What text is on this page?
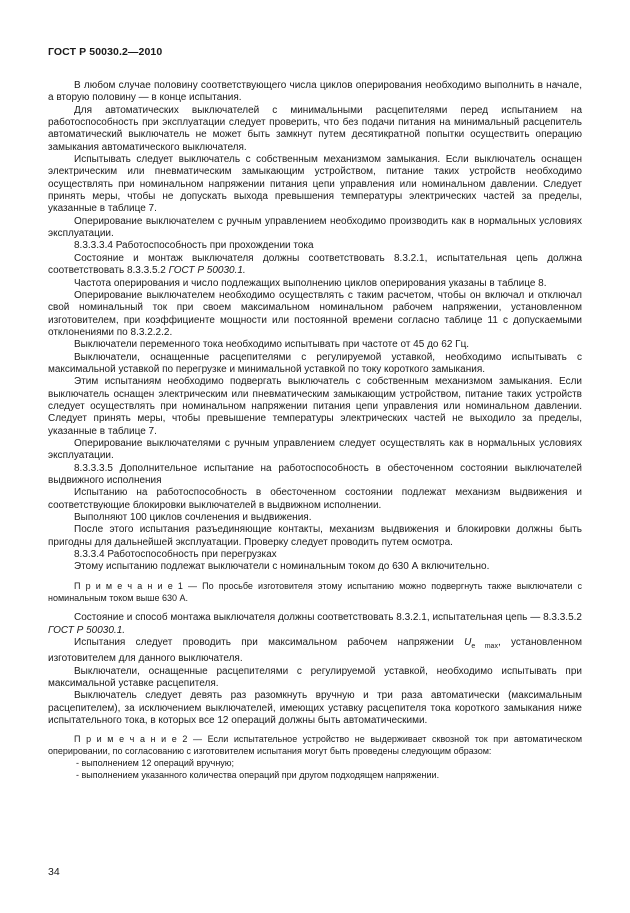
ГОСТ Р 50030.2—2010

В любом случае половину соответствующего числа циклов оперирования необходимо выполнить в начале, а вторую половину — в конце испытания.

Для автоматических выключателей с минимальными расцепителями перед испытанием на работоспособность при эксплуатации следует проверить, что без подачи питания на минимальный расцепитель автоматический выключатель не может быть замкнут путем десятикратной попытки осуществить операцию замыкания автоматического выключателя.

Испытывать следует выключатель с собственным механизмом замыкания. Если выключатель оснащен электрическим или пневматическим замыкающим устройством, питание таких устройств необходимо осуществлять при номинальном напряжении питания цепи управления или номинальном давлении. Следует принять меры, чтобы не допускать выхода превышения температуры электрических частей за пределы, указанные в таблице 7.

Оперирование выключателем с ручным управлением необходимо производить как в нормальных условиях эксплуатации.

8.3.3.3.4 Работоспособность при прохождении тока

Состояние и монтаж выключателя должны соответствовать 8.3.2.1, испытательная цепь должна соответствовать 8.3.3.5.2 ГОСТ Р 50030.1.

Частота оперирования и число подлежащих выполнению циклов оперирования указаны в таблице 8.

Оперирование выключателем необходимо осуществлять с таким расчетом, чтобы он включал и отключал свой номинальный ток при своем максимальном номинальном рабочем напряжении, установленном изготовителем, при коэффициенте мощности или постоянной времени согласно таблице 11 с допускаемыми отклонениями по 8.3.2.2.2.

Выключатели переменного тока необходимо испытывать при частоте от 45 до 62 Гц.

Выключатели, оснащенные расцепителями с регулируемой уставкой, необходимо испытывать с максимальной уставкой по перегрузке и минимальной уставкой по току короткого замыкания.

Этим испытаниям необходимо подвергать выключатель с собственным механизмом замыкания. Если выключатель оснащен электрическим или пневматическим замыкающим устройством, питание таких устройств следует осуществлять при номинальном напряжении питания цепи управления или номинальном давлении. Следует принять меры, чтобы превышение температуры электрических частей не выходило за пределы, указанные в таблице 7.

Оперирование выключателями с ручным управлением следует осуществлять как в нормальных условиях эксплуатации.

8.3.3.3.5 Дополнительное испытание на работоспособность в обесточенном состоянии выключателей выдвижного исполнения

Испытанию на работоспособность в обесточенном состоянии подлежат механизм выдвижения и соответствующие блокировки выключателей в выдвижном исполнении.

Выполняют 100 циклов сочленения и выдвижения.

После этого испытания разъединяющие контакты, механизм выдвижения и блокировки должны быть пригодны для дальнейшей эксплуатации. Проверку следует проводить путем осмотра.

8.3.3.4 Работоспособность при перегрузках

Этому испытанию подлежат выключатели с номинальным током до 630 А включительно.

П р и м е ч а н и е 1 — По просьбе изготовителя этому испытанию можно подвергнуть также выключатели с номинальным током выше 630 А.

Состояние и способ монтажа выключателя должны соответствовать 8.3.2.1, испытательная цепь — 8.3.3.5.2 ГОСТ Р 50030.1.

Испытания следует проводить при максимальном рабочем напряжении $U_{e max}$, установленном изготовителем для данного выключателя.

Выключатели, оснащенные расцепителями с регулируемой уставкой, необходимо испытывать при максимальной уставке расцепителя.

Выключатель следует девять раз разомкнуть вручную и три раза автоматически (максимальным расцепителем), за исключением выключателей, имеющих уставку расцепителя тока короткого замыкания ниже испытательного тока, в которых все 12 операций должны быть автоматическими.

П р и м е ч а н и е 2 — Если испытательное устройство не выдерживает сквозной ток при автоматическом оперировании, по согласованию с изготовителем испытания могут быть проведены следующим образом:

- выполнением 12 операций вручную;

- выполнением указанного количества операций при другом подходящем напряжении.

34
